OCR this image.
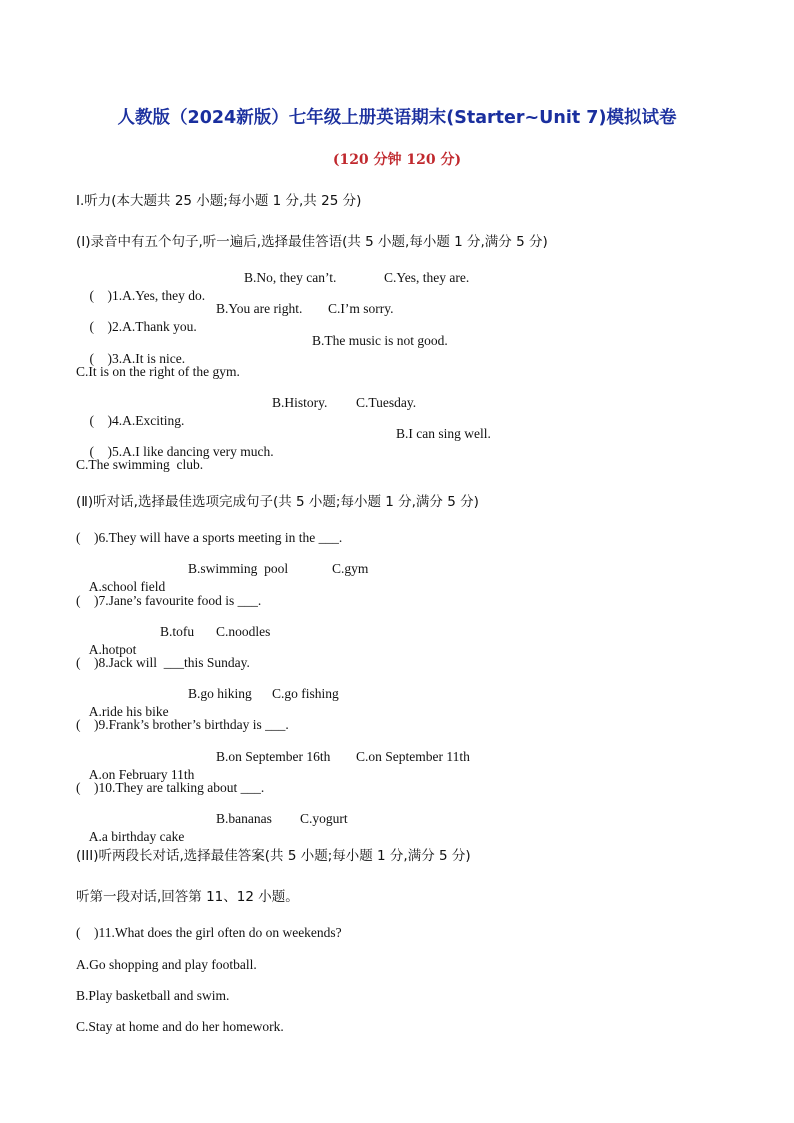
人教版（2024新版）七年级上册英语期末(Starter~Unit 7)模拟试卷
(120 分钟 120 分)
Ⅰ.听力(本大题共 25 小题;每小题 1 分,共 25 分)
(Ⅰ)录音中有五个句子,听一遍后,选择最佳答语(共 5 小题,每小题 1 分,满分 5 分)

(    )1.A.Yes, they do.

B.No, they can’t.

	C.Yes, they are.

(    )2.A.Thank you.

B.You are right.

C.I’m sorry.

(    )3.A.It is nice.

B.The music is not good.

C.It is on the right of the gym.

(    )4.A.Exciting.

B.History.

C.Tuesday.

(    )5.A.I like dancing very much.

B.I can sing well.

C.The swimming  club.
(Ⅱ)听对话,选择最佳选项完成句子(共 5 小题;每小题 1 分,满分 5 分)
(    )6.They will have a sports meeting in the ___.

A.school field

B.swimming  pool

	C.gym

(    )7.Jane’s favourite food is ___.

A.hotpot

B.tofu

C.noodles

(    )8.Jack will  ___this Sunday.

A.ride his bike

B.go hiking

C.go fishing

(    )9.Frank’s brother’s birthday is ___.

A.on February 11th

B.on September 16th

C.on September 11th

(    )10.They are talking about ___.

A.a birthday cake

B.bananas

C.yogurt

(III)听两段长对话,选择最佳答案(共 5 小题;每小题 1 分,满分 5 分)
听第一段对话,回答第 11、12 小题。
(    )11.What does the girl often do on weekends?
A.Go shopping and play football.
B.Play basketball and swim.
C.Stay at home and do her homework.
